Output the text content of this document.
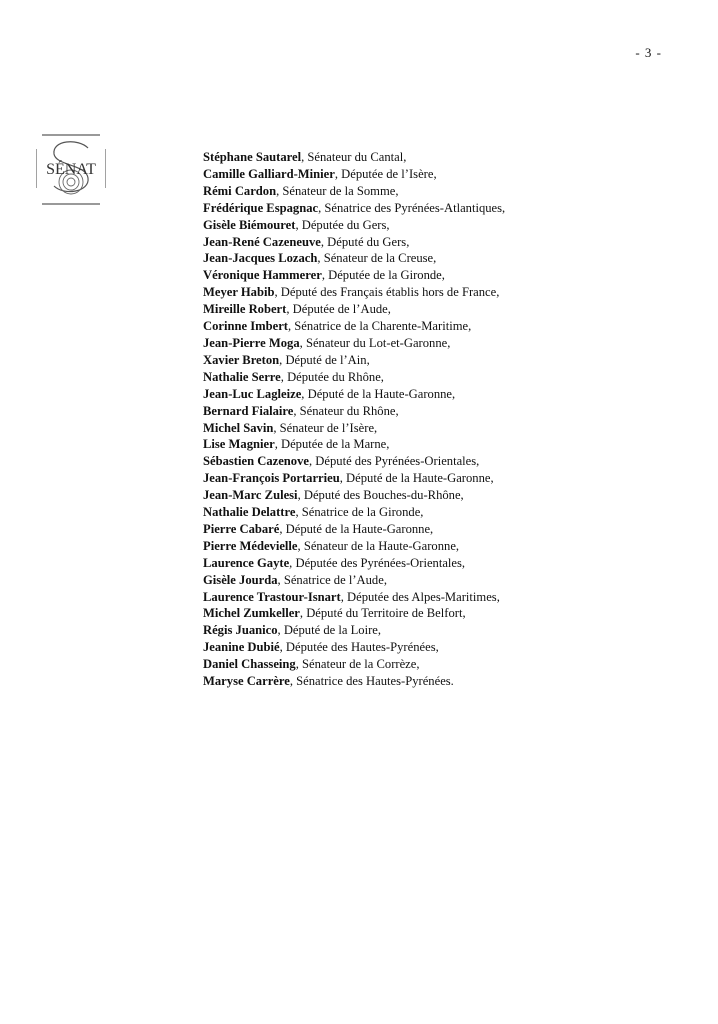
- 3 -
SÉNAT
Stéphane Sautarel, Sénateur du Cantal,
Camille Galliard-Minier, Députée de l’Isère,
Rémi Cardon, Sénateur de la Somme,
Frédérique Espagnac, Sénatrice des Pyrénées-Atlantiques,
Gisèle Biémouret, Députée du Gers,
Jean-René Cazeneuve, Député du Gers,
Jean-Jacques Lozach, Sénateur de la Creuse,
Véronique Hammerer, Députée de la Gironde,
Meyer Habib, Député des Français établis hors de France,
Mireille Robert, Députée de l’Aude,
Corinne Imbert, Sénatrice de la Charente-Maritime,
Jean-Pierre Moga, Sénateur du Lot-et-Garonne,
Xavier Breton, Député de l’Ain,
Nathalie Serre, Députée du Rhône,
Jean-Luc Lagleize, Député de la Haute-Garonne,
Bernard Fialaire, Sénateur du Rhône,
Michel Savin, Sénateur de l’Isère,
Lise Magnier, Députée de la Marne,
Sébastien Cazenove, Député des Pyrénées-Orientales,
Jean-François Portarrieu, Député de la Haute-Garonne,
Jean-Marc Zulesi, Député des Bouches-du-Rhône,
Nathalie Delattre, Sénatrice de la Gironde,
Pierre Cabaré, Député de la Haute-Garonne,
Pierre Médevielle, Sénateur de la Haute-Garonne,
Laurence Gayte, Députée des Pyrénées-Orientales,
Gisèle Jourda, Sénatrice de l’Aude,
Laurence Trastour-Isnart, Députée des Alpes-Maritimes,
Michel Zumkeller, Député du Territoire de Belfort,
Régis Juanico, Député de la Loire,
Jeanine Dubié, Députée des Hautes-Pyrénées,
Daniel Chasseing, Sénateur de la Corrèze,
Maryse Carrère, Sénatrice des Hautes-Pyrénées.
